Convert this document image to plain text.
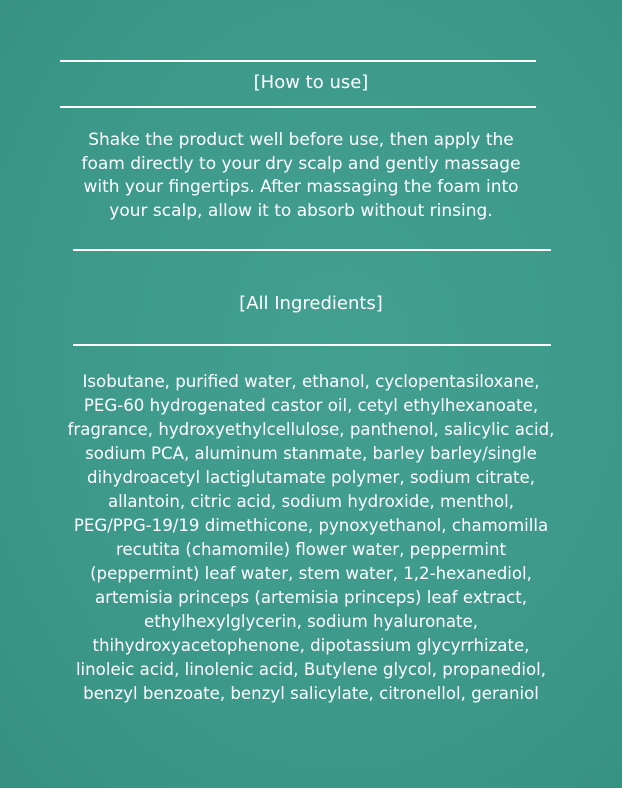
[How to use]
Shake the product well before use, then apply the
foam directly to your dry scalp and gently massage
with your fingertips. After massaging the foam into
your scalp, allow it to absorb without rinsing.
[All Ingredients]
Isobutane, purified water, ethanol, cyclopentasiloxane,
PEG-60 hydrogenated castor oil, cetyl ethylhexanoate,
fragrance, hydroxyethylcellulose, panthenol, salicylic acid,
sodium PCA, aluminum stanmate, barley barley/single
dihydroacetyl lactiglutamate polymer, sodium citrate,
allantoin, citric acid, sodium hydroxide, menthol,
PEG/PPG-19/19 dimethicone, pynoxyethanol, chamomilla
recutita (chamomile) flower water, peppermint
(peppermint) leaf water, stem water, 1,2-hexanediol,
artemisia princeps (artemisia princeps) leaf extract,
ethylhexylglycerin, sodium hyaluronate,
thihydroxyacetophenone, dipotassium glycyrrhizate,
linoleic acid, linolenic acid, Butylene glycol, propanediol,
benzyl benzoate, benzyl salicylate, citronellol, geraniol
